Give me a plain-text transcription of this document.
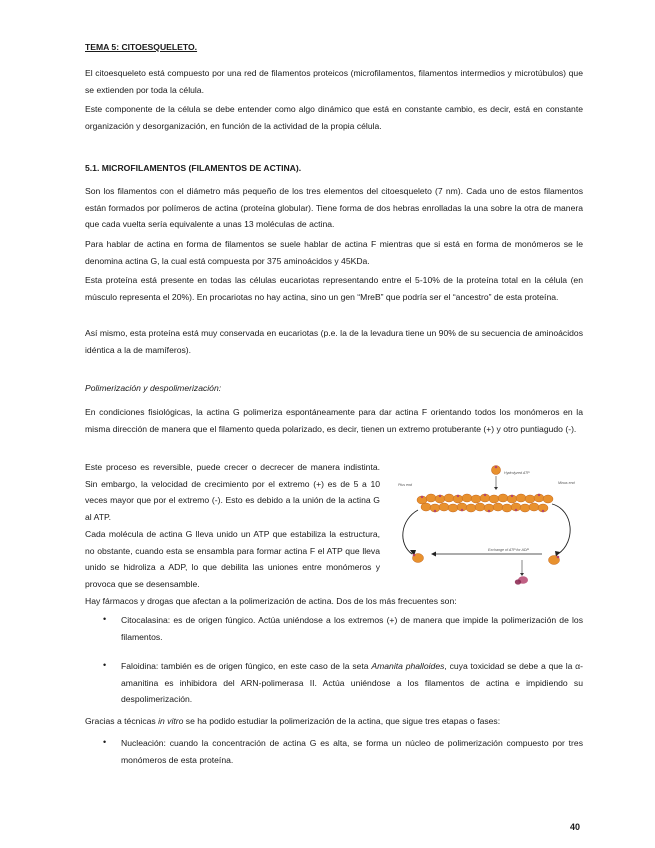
TEMA 5: CITOESQUELETO.

El citoesqueleto está compuesto por una red de filamentos proteicos (microfilamentos, filamentos intermedios y microtúbulos) que se extienden por toda la célula.

Este componente de la célula se debe entender como algo dinámico que está en constante cambio, es decir, está en constante organización y desorganización, en función de la actividad de la propia célula.

5.1. MICROFILAMENTOS (FILAMENTOS DE ACTINA).

Son los filamentos con el diámetro más pequeño de los tres elementos del citoesqueleto (7 nm). Cada uno de estos filamentos están formados por polímeros de actina (proteína globular). Tiene forma de dos hebras enrolladas la una sobre la otra de manera que cada vuelta sería equivalente a unas 13 moléculas de actina.

Para hablar de actina en forma de filamentos se suele hablar de actina F mientras que si está en forma de monómeros se le denomina actina G, la cual está compuesta por 375 aminoácidos y 45KDa.

Esta proteína está presente en todas las células eucariotas representando entre el 5-10% de la proteína total en la célula (en músculo representa el 20%). En procariotas no hay actina, sino un gen “MreB” que podría ser el “ancestro” de esta proteína.

Así mismo, esta proteína está muy conservada en eucariotas (p.e. la de la levadura tiene un 90% de su secuencia de aminoácidos idéntica a la de mamíferos).

Polimerización y despolimerización:

En condiciones fisiológicas, la actina G polimeriza espontáneamente para dar actina F orientando todos los monómeros en la misma dirección de manera que el filamento queda polarizado, es decir, tienen un extremo protuberante (+) y otro puntiagudo (-).

Este proceso es reversible, puede crecer o decrecer de manera indistinta. Sin embargo, la velocidad de crecimiento por el extremo (+) es de 5 a 10 veces mayor que por el extremo (-). Esto es debido a la unión de la actina G al ATP.

Cada molécula de actina G lleva unido un ATP que estabiliza la estructura, no obstante, cuando esta se ensambla para formar actina F el ATP que lleva unido se hidroliza a ADP, lo que debilita las uniones entre monómeros y provoca que se desensamble.

Hay fármacos y drogas que afectan a la polimerización de actina. Dos de los más frecuentes son:

• Citocalasina: es de origen fúngico. Actúa uniéndose a los extremos (+) de manera que impide la polimerización de los filamentos.

• Faloidina: también es de origen fúngico, en este caso de la seta Amanita phalloides, cuya toxicidad se debe a que la α-amanitina es inhibidora del ARN-polimerasa II. Actúa uniéndose a los filamentos de actina e impidiendo su despolimerización.

Gracias a técnicas in vitro se ha podido estudiar la polimerización de la actina, que sigue tres etapas o fases:

• Nucleación: cuando la concentración de actina G es alta, se forma un núcleo de polimerización compuesto por tres monómeros de esta proteína.

Hydrolyzed ATP
Plus end	Minus end
Exchange of ATP for ADP
40
